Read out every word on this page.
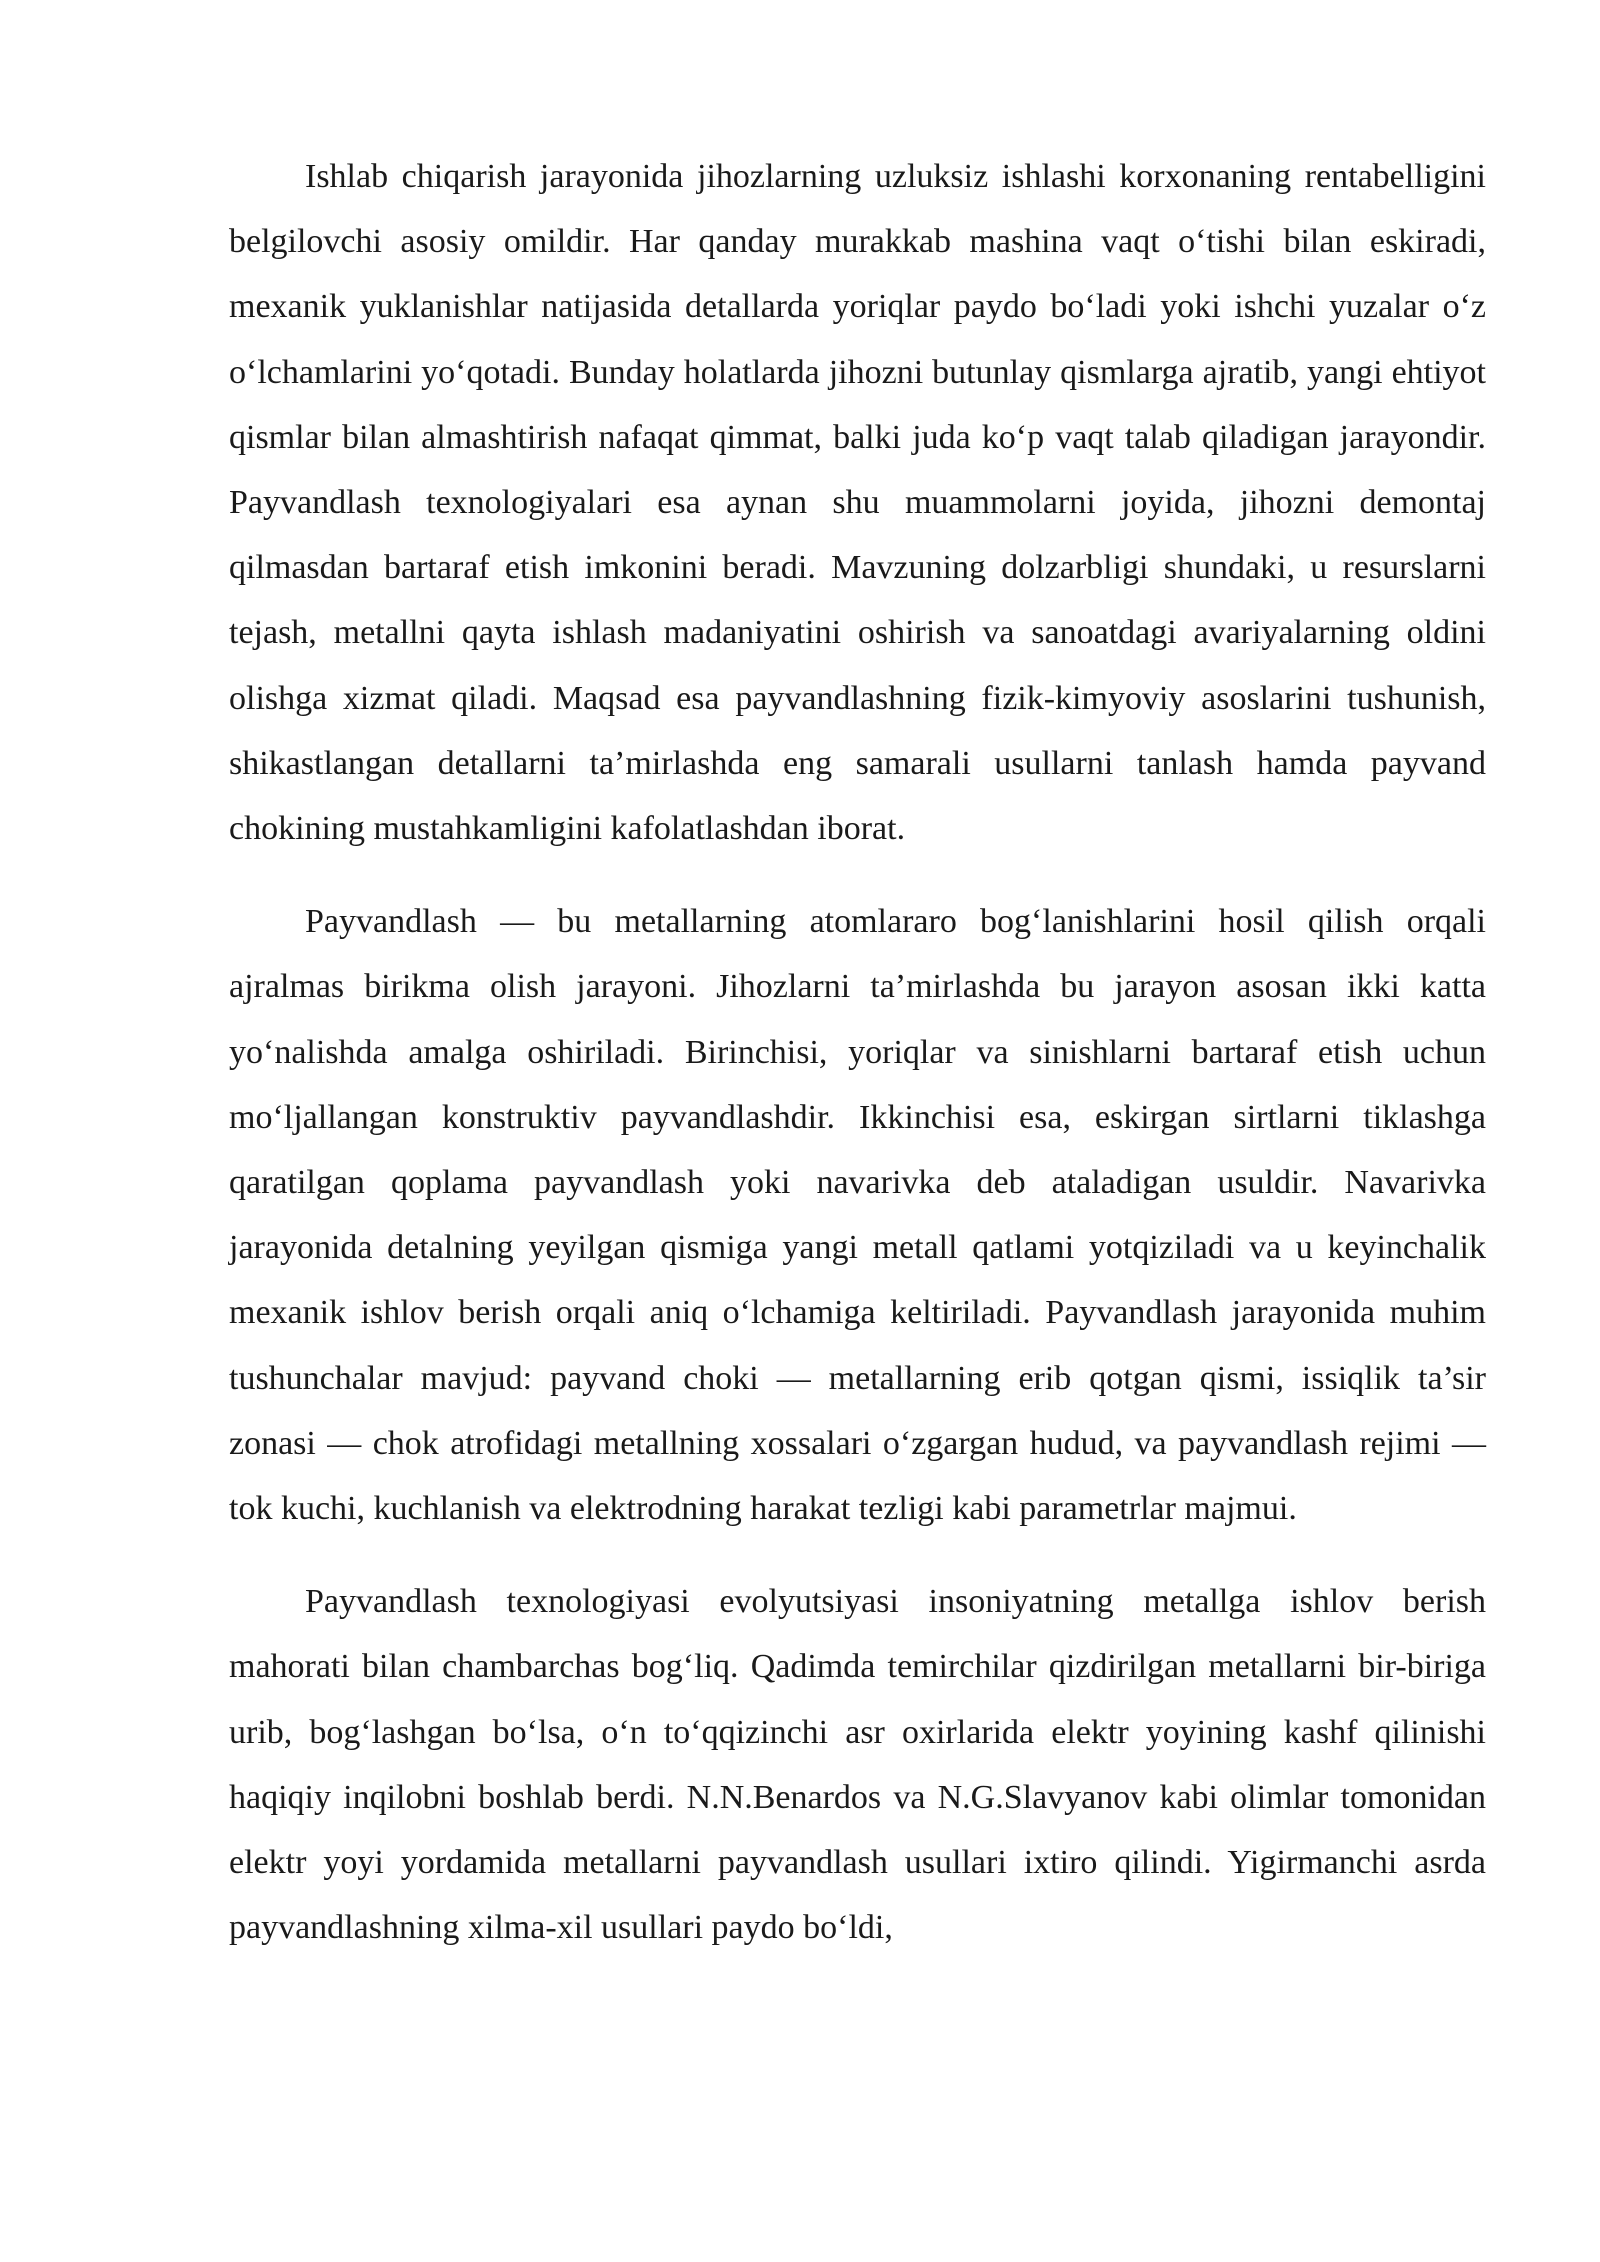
Ishlab chiqarish jarayonida jihozlarning uzluksiz ishlashi korxonaning rentabelligini belgilovchi asosiy omildir. Har qanday murakkab mashina vaqt o‘tishi bilan eskiradi, mexanik yuklanishlar natijasida detallarda yoriqlar paydo bo‘ladi yoki ishchi yuzalar o‘z o‘lchamlarini yo‘qotadi. Bunday holatlarda jihozni butunlay qismlarga ajratib, yangi ehtiyot qismlar bilan almashtirish nafaqat qimmat, balki juda ko‘p vaqt talab qiladigan jarayondir. Payvandlash texnologiyalari esa aynan shu muammolarni joyida, jihozni demontaj qilmasdan bartaraf etish imkonini beradi. Mavzuning dolzarbligi shundaki, u resurslarni tejash, metallni qayta ishlash madaniyatini oshirish va sanoatdagi avariyalarning oldini olishga xizmat qiladi. Maqsad esa payvandlashning fizik-kimyoviy asoslarini tushunish, shikastlangan detallarni ta’mirlashda eng samarali usullarni tanlash hamda payvand chokining mustahkamligini kafolatlashdan iborat.

Payvandlash — bu metallarning atomlararo bog‘lanishlarini hosil qilish orqali ajralmas birikma olish jarayoni. Jihozlarni ta’mirlashda bu jarayon asosan ikki katta yo‘nalishda amalga oshiriladi. Birinchisi, yoriqlar va sinishlarni bartaraf etish uchun mo‘ljallangan konstruktiv payvandlashdir. Ikkinchisi esa, eskirgan sirtlarni tiklashga qaratilgan qoplama payvandlash yoki navarivka deb ataladigan usuldir. Navarivka jarayonida detalning yeyilgan qismiga yangi metall qatlami yotqiziladi va u keyinchalik mexanik ishlov berish orqali aniq o‘lchamiga keltiriladi. Payvandlash jarayonida muhim tushunchalar mavjud: payvand choki — metallarning erib qotgan qismi, issiqlik ta’sir zonasi — chok atrofidagi metallning xossalari o‘zgargan hudud, va payvandlash rejimi — tok kuchi, kuchlanish va elektrodning harakat tezligi kabi parametrlar majmui.

Payvandlash texnologiyasi evolyutsiyasi insoniyatning metallga ishlov berish mahorati bilan chambarchas bog‘liq. Qadimda temirchilar qizdirilgan metallarni bir-biriga urib, bog‘lashgan bo‘lsa, o‘n to‘qqizinchi asr oxirlarida elektr yoyining kashf qilinishi haqiqiy inqilobni boshlab berdi. N.N.Benardos va N.G.Slavyanov kabi olimlar tomonidan elektr yoyi yordamida metallarni payvandlash usullari ixtiro qilindi. Yigirmanchi asrda payvandlashning xilma-xil usullari paydo bo‘ldi,
